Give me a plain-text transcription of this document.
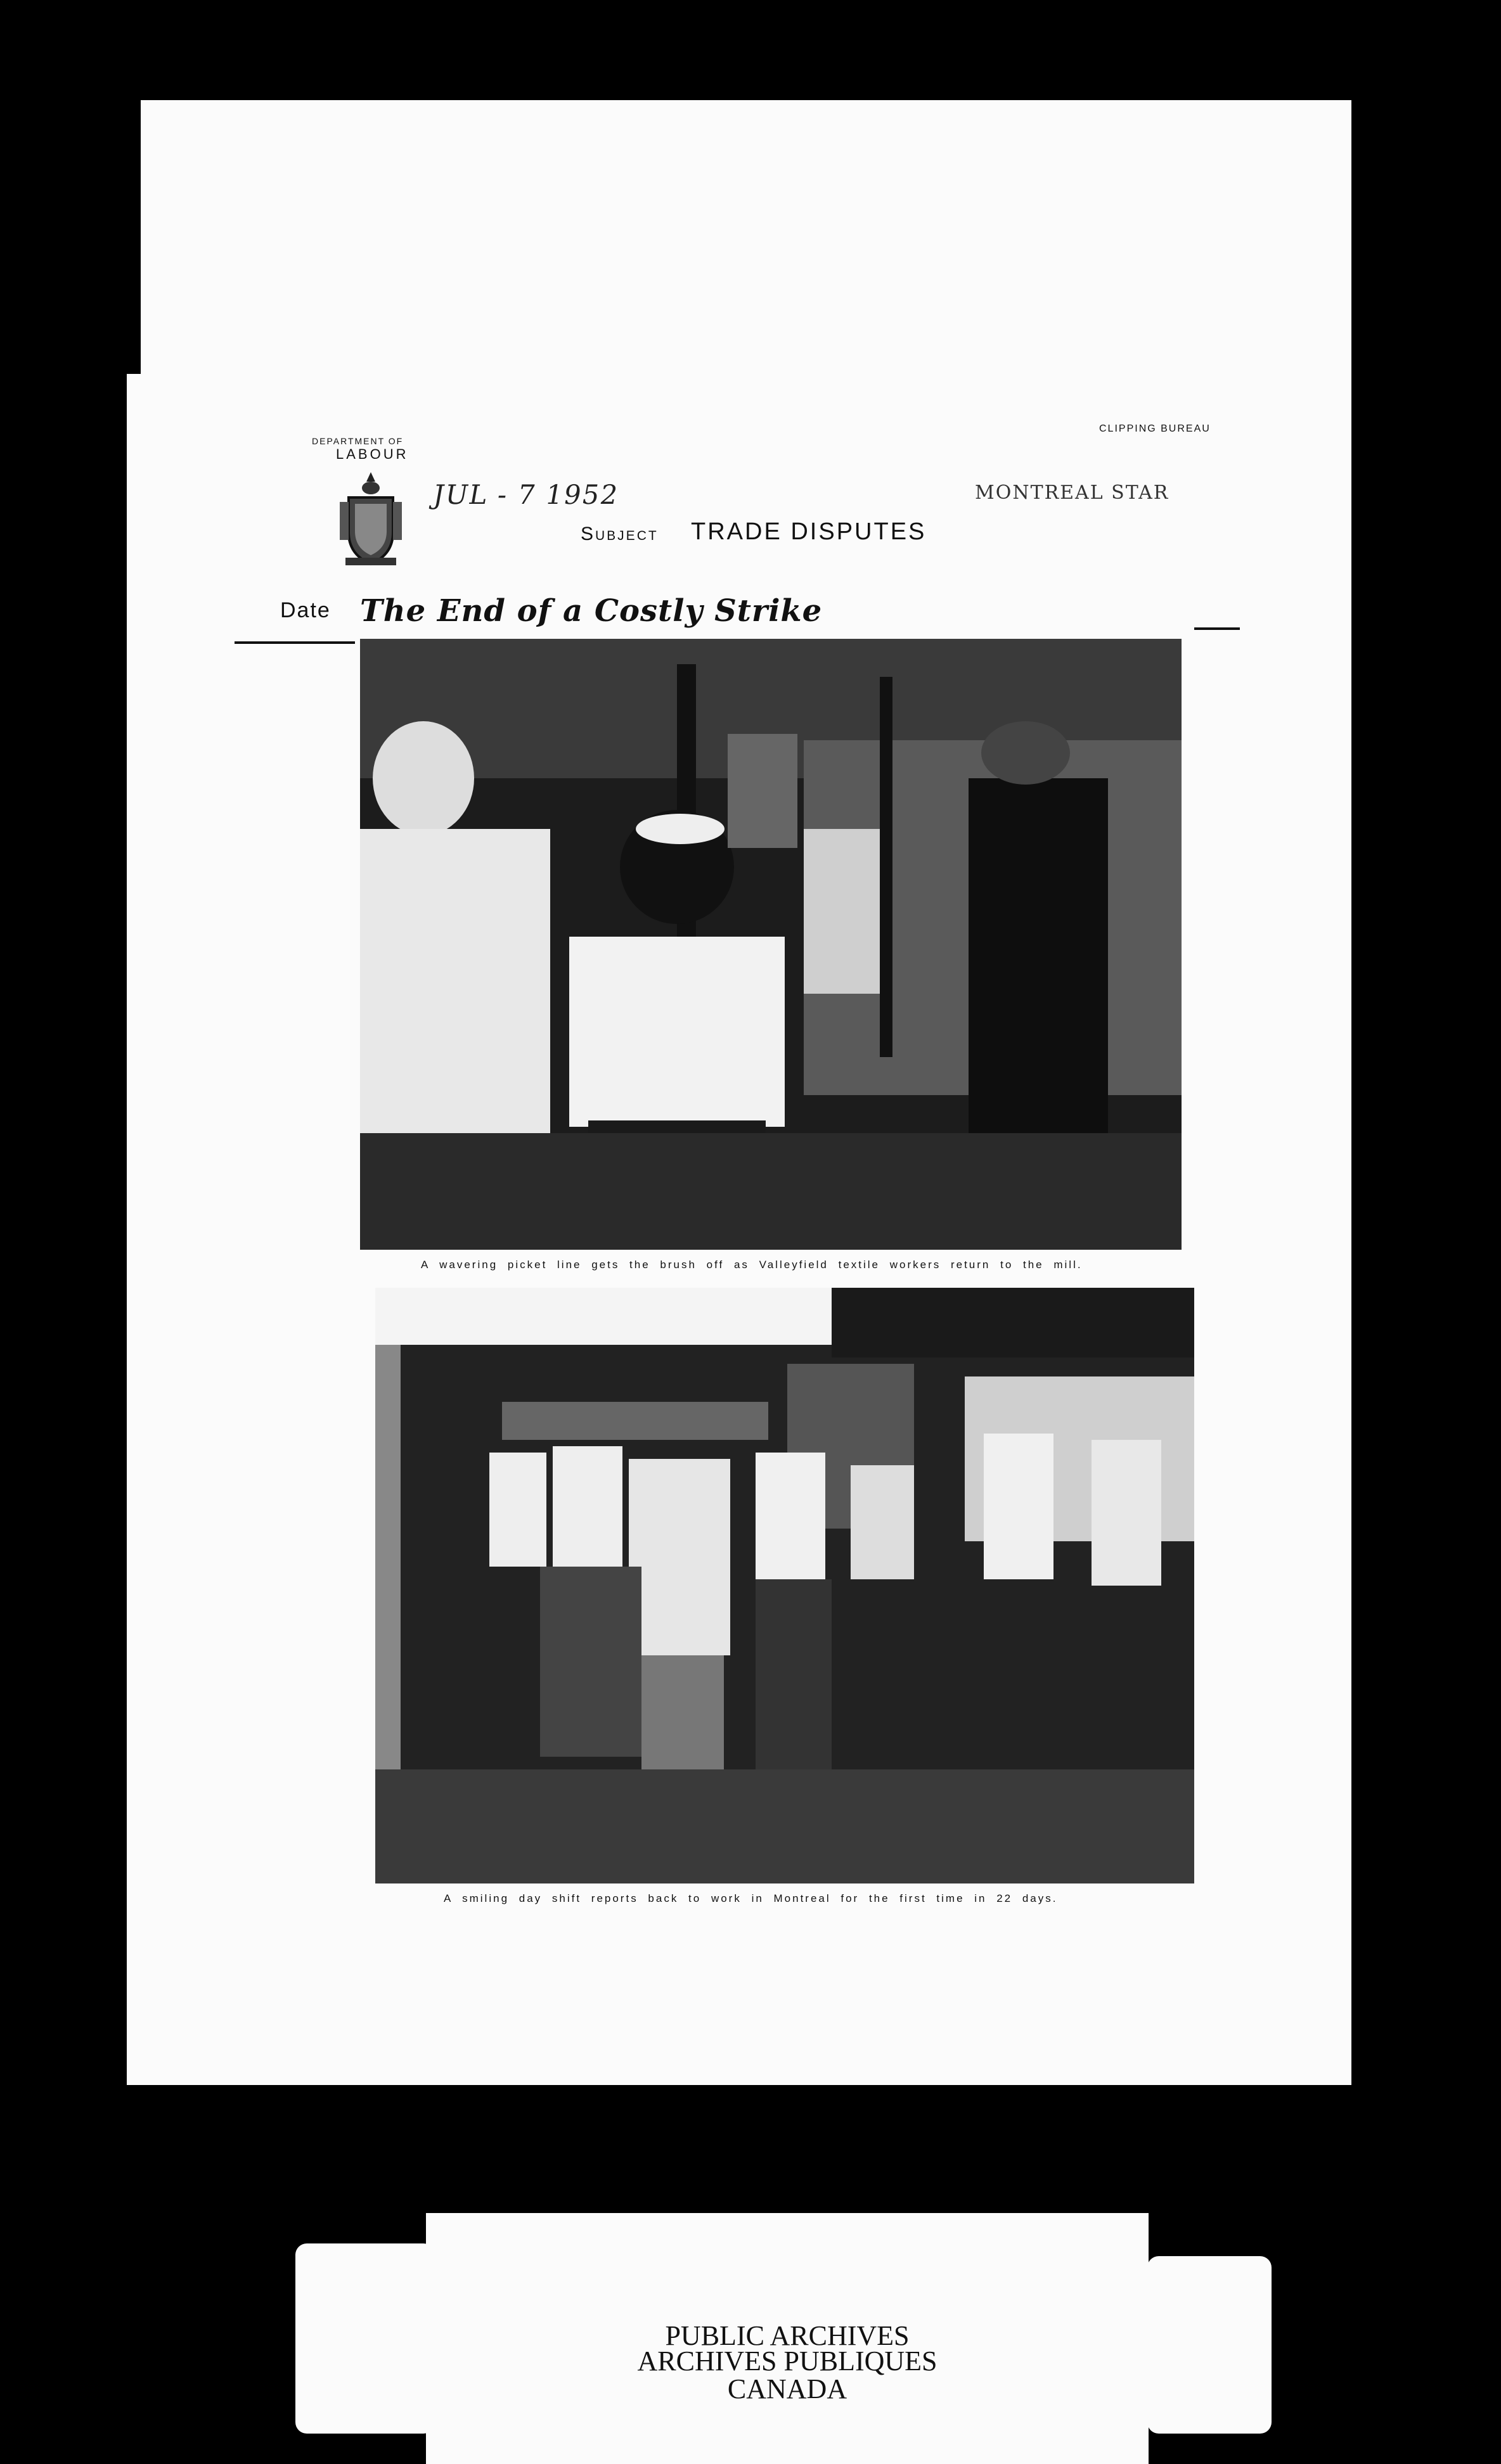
DEPARTMENT OF
LABOUR
CLIPPING BUREAU
JUL - 7 1952	MONTREAL STAR
Subject TRADE DISPUTES
Date The End of a Costly Strike
A wavering picket line gets the brush off as Valleyfield textile workers return to the mill.
A smiling day shift reports back to work in Montreal for the first time in 22 days.
PUBLIC ARCHIVES
ARCHIVES PUBLIQUES
CANADA
